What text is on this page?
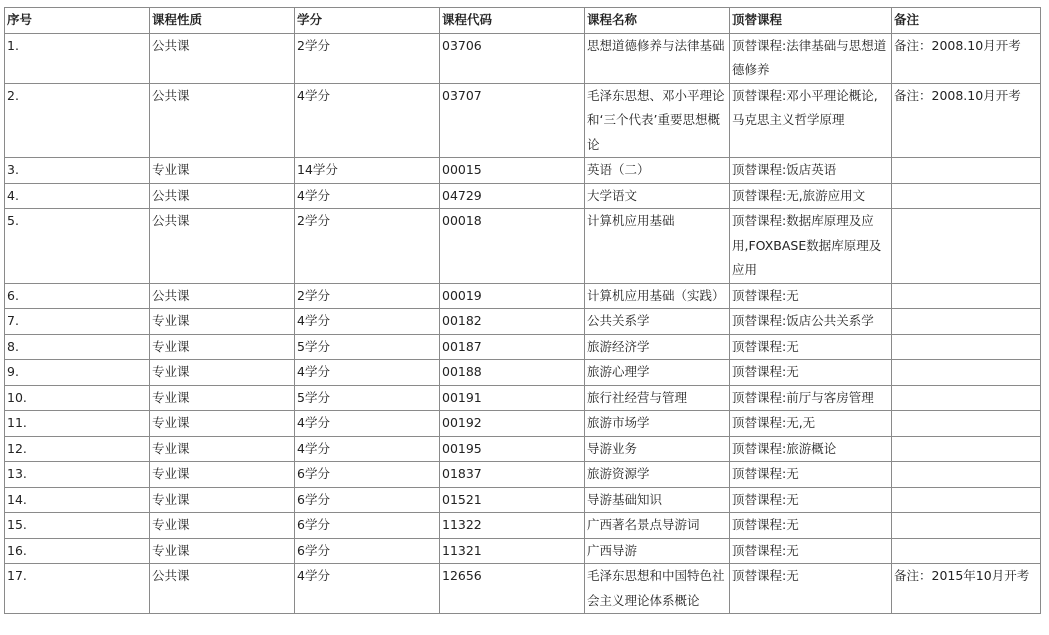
序号	课程性质	学分	课程代码	课程名称	顶替课程	备注
1.	公共课	2学分	03706	思想道德修养与法律基础	顶替课程:法律基础与思想道德修养	备注：2008.10月开考
2.	公共课	4学分	03707	毛泽东思想、邓小平理论和‘三个代表’重要思想概论	顶替课程:邓小平理论概论,马克思主义哲学原理	备注：2008.10月开考
3.	专业课	14学分	00015	英语（二）	顶替课程:饭店英语	
4.	公共课	4学分	04729	大学语文	顶替课程:无,旅游应用文	
5.	公共课	2学分	00018	计算机应用基础	顶替课程:数据库原理及应用,FOXBASE数据库原理及应用	
6.	公共课	2学分	00019	计算机应用基础（实践）	顶替课程:无	
7.	专业课	4学分	00182	公共关系学	顶替课程:饭店公共关系学	
8.	专业课	5学分	00187	旅游经济学	顶替课程:无	
9.	专业课	4学分	00188	旅游心理学	顶替课程:无	
10.	专业课	5学分	00191	旅行社经营与管理	顶替课程:前厅与客房管理	
11.	专业课	4学分	00192	旅游市场学	顶替课程:无,无	
12.	专业课	4学分	00195	导游业务	顶替课程:旅游概论	
13.	专业课	6学分	01837	旅游资源学	顶替课程:无	
14.	专业课	6学分	01521	导游基础知识	顶替课程:无	
15.	专业课	6学分	11322	广西著名景点导游词	顶替课程:无	
16.	专业课	6学分	11321	广西导游	顶替课程:无	
17.	公共课	4学分	12656	毛泽东思想和中国特色社会主义理论体系概论	顶替课程:无	备注：2015年10月开考
